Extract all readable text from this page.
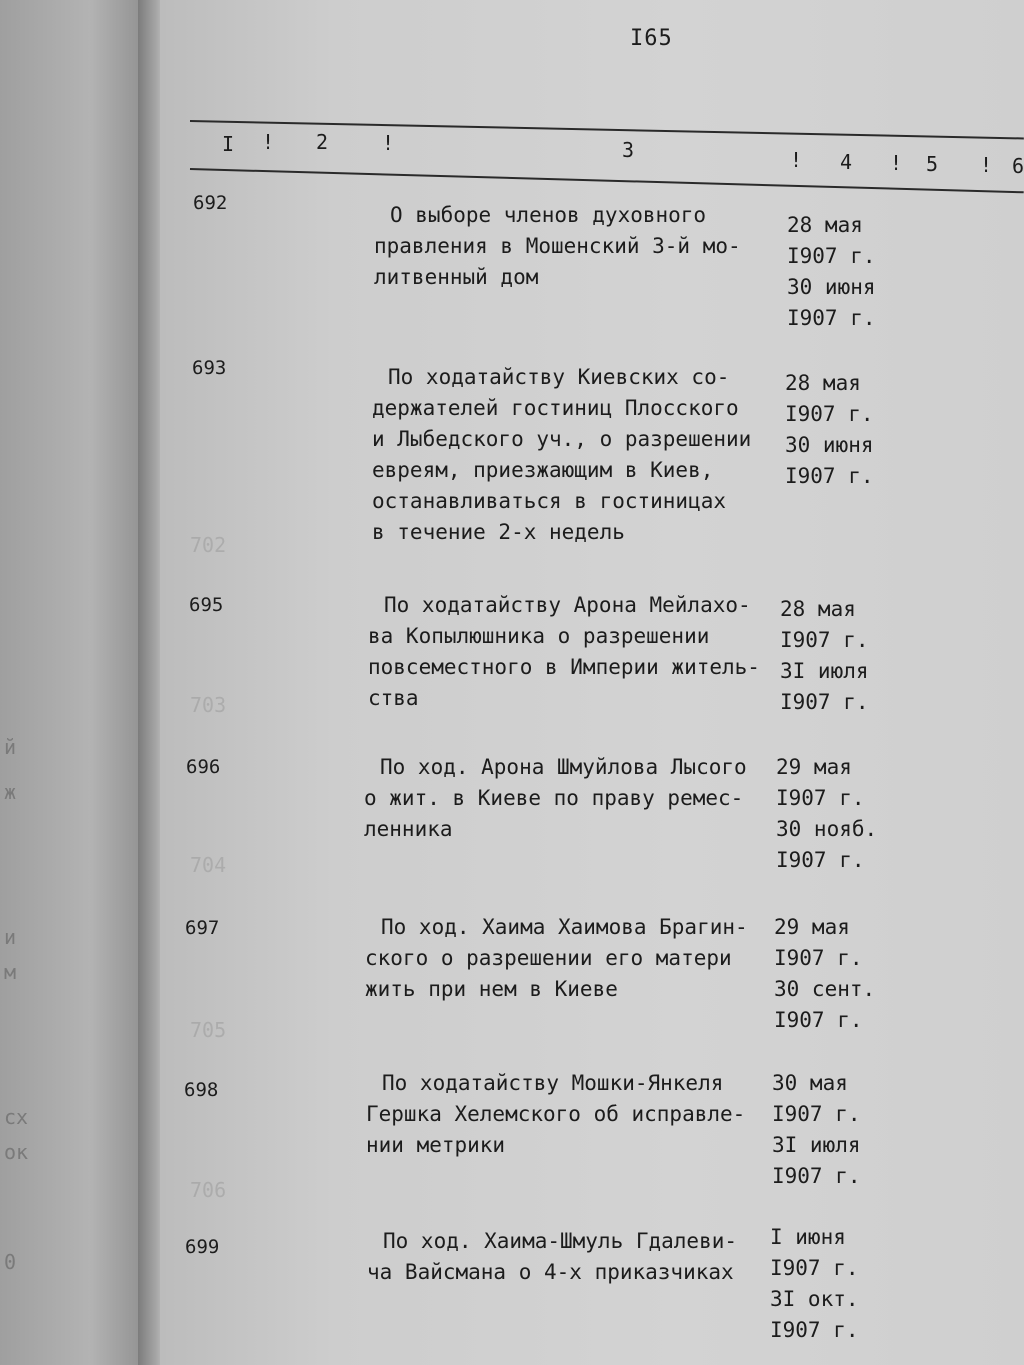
й
ж
и
м
сх
ок
0
702
703
704
705
706
I65
I ! 2	!	3	! 4 ! 5 ! 6
692	О выборе членов духовного
правления в Мошенский 3-й мо-
литвенный дом
28 мая
I907 г.
30 июня
I907 г.
693	По ходатайству Киевских со-
держателей гостиниц Плосского
и Лыбедского уч., о разрешении
евреям, приезжающим в Киев,
останавливаться в гостиницах
в течение 2-х недель
28 мая
I907 г.
30 июня
I907 г.
695	По ходатайству Арона Мейлахо-
ва Копылюшника о разрешении
повсеместного в Империи житель-
ства
28 мая
I907 г.
3I июля
I907 г.
696	По ход. Арона Шмуйлова Лысого
о жит. в Киеве по праву ремес-
ленника
29 мая
I907 г.
30 нояб.
I907 г.
697	По ход. Хаима Хаимова Брагин-
ского о разрешении его матери
жить при нем в Киеве
29 мая
I907 г.
30 сент.
I907 г.
698	По ходатайству Мошки-Янкеля
Гершка Хелемского об исправле-
нии метрики
30 мая
I907 г.
3I июля
I907 г.
699	По ход. Хаима-Шмуль Гдалеви-
ча Вайсмана о 4-х приказчиках
I июня
I907 г.
3I окт.
I907 г.
